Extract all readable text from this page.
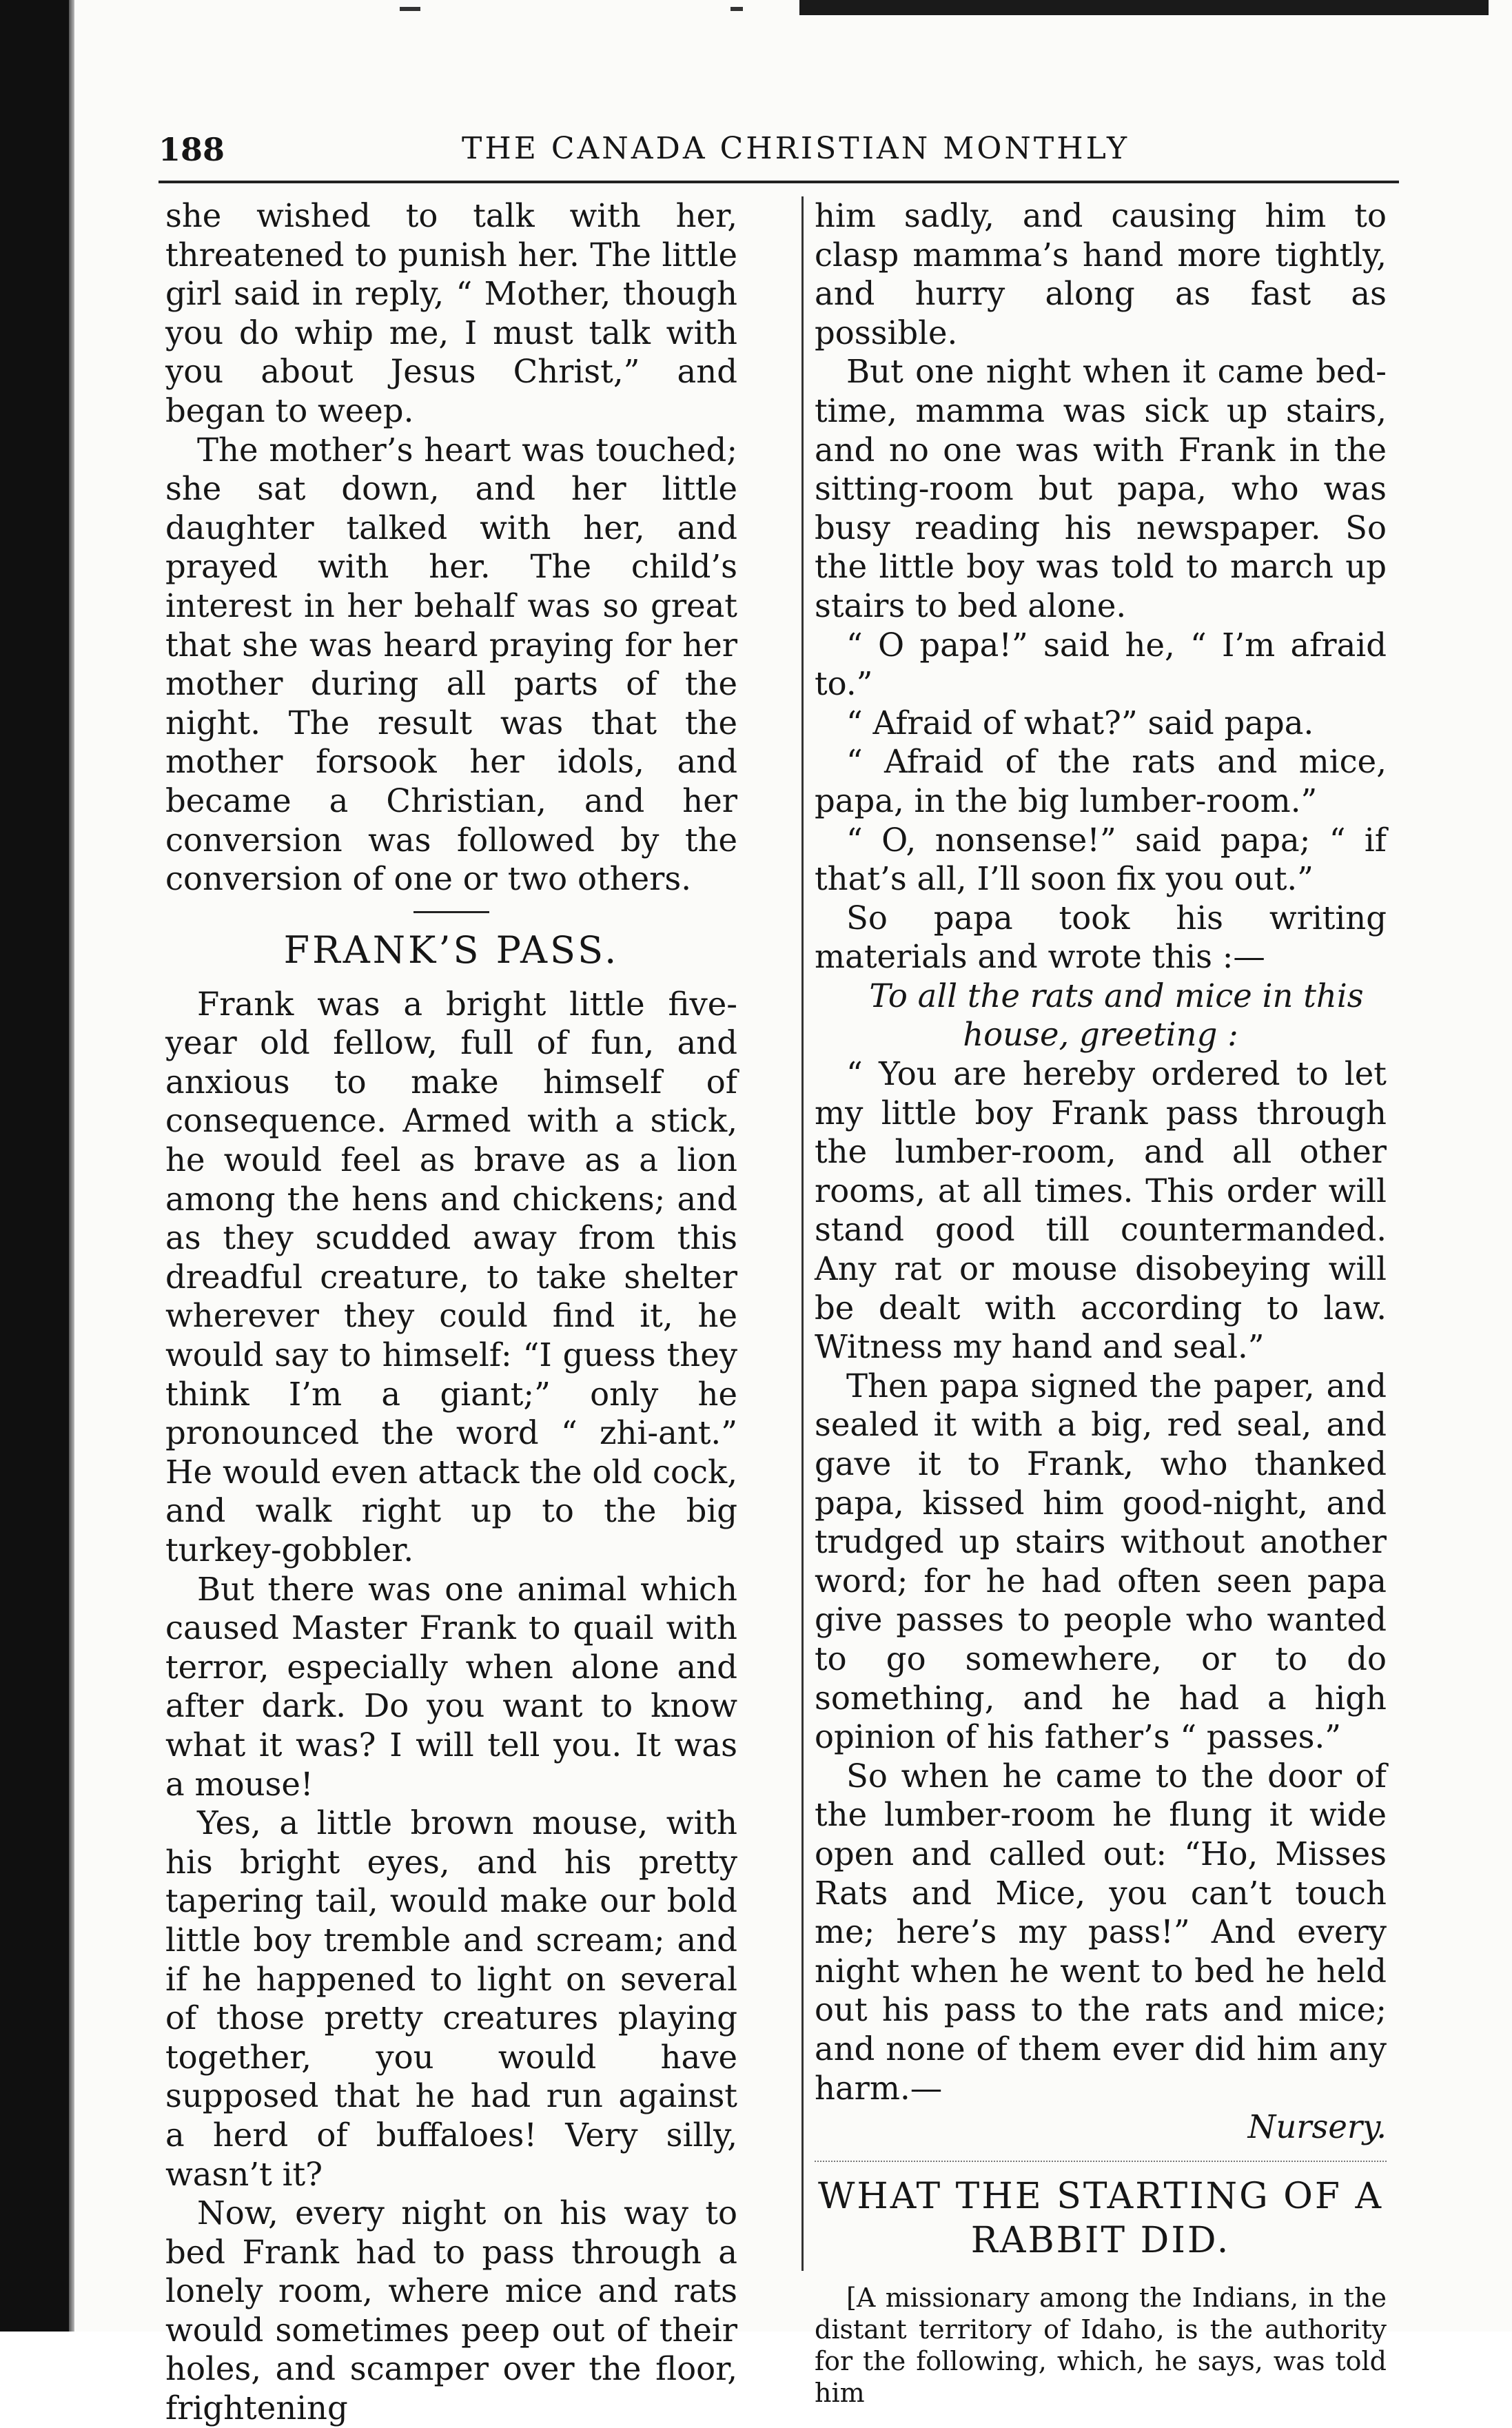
188	THE CANADA CHRISTIAN MONTHLY

she wished to talk with her, threatened to punish her. The little girl said in reply, “ Mother, though you do whip me, I must talk with you about Jesus Christ,” and began to weep.

The mother’s heart was touched; she sat down, and her little daughter talked with her, and prayed with her. The child’s interest in her behalf was so great that she was heard praying for her mother during all parts of the night. The result was that the mother forsook her idols, and became a Christian, and her conversion was followed by the conversion of one or two others.

FRANK’S PASS.

Frank was a bright little five-year old fellow, full of fun, and anxious to make himself of consequence. Armed with a stick, he would feel as brave as a lion among the hens and chickens; and as they scudded away from this dreadful creature, to take shelter wherever they could find it, he would say to himself: “I guess they think I’m a giant;” only he pronounced the word “ zhi-ant.” He would even attack the old cock, and walk right up to the big turkey-gobbler.

But there was one animal which caused Master Frank to quail with terror, especially when alone and after dark. Do you want to know what it was? I will tell you. It was a mouse!

Yes, a little brown mouse, with his bright eyes, and his pretty tapering tail, would make our bold little boy tremble and scream; and if he happened to light on several of those pretty creatures playing together, you would have supposed that he had run against a herd of buffaloes! Very silly, wasn’t it?

Now, every night on his way to bed Frank had to pass through a lonely room, where mice and rats would sometimes peep out of their holes, and scamper over the floor, frightening

him sadly, and causing him to clasp mamma’s hand more tightly, and hurry along as fast as possible.

But one night when it came bed-time, mamma was sick up stairs, and no one was with Frank in the sitting-room but papa, who was busy reading his newspaper. So the little boy was told to march up stairs to bed alone.

“ O papa!” said he, “ I’m afraid to.”

“ Afraid of what?” said papa.

“ Afraid of the rats and mice, papa, in the big lumber-room.”

“ O, nonsense!” said papa; “ if that’s all, I’ll soon fix you out.”

So papa took his writing materials and wrote this :—

To all the rats and mice in this house, greeting :

“ You are hereby ordered to let my little boy Frank pass through the lumber-room, and all other rooms, at all times. This order will stand good till countermanded. Any rat or mouse disobeying will be dealt with according to law. Witness my hand and seal.”

Then papa signed the paper, and sealed it with a big, red seal, and gave it to Frank, who thanked papa, kissed him good-night, and trudged up stairs without another word; for he had often seen papa give passes to people who wanted to go somewhere, or to do something, and he had a high opinion of his father’s “ passes.”

So when he came to the door of the lumber-room he flung it wide open and called out: “Ho, Misses Rats and Mice, you can’t touch me; here’s my pass!” And every night when he went to bed he held out his pass to the rats and mice; and none of them ever did him any harm.—

Nursery.

WHAT THE STARTING OF A RABBIT DID.

[A missionary among the Indians, in the distant territory of Idaho, is the authority for the following, which, he says, was told him
